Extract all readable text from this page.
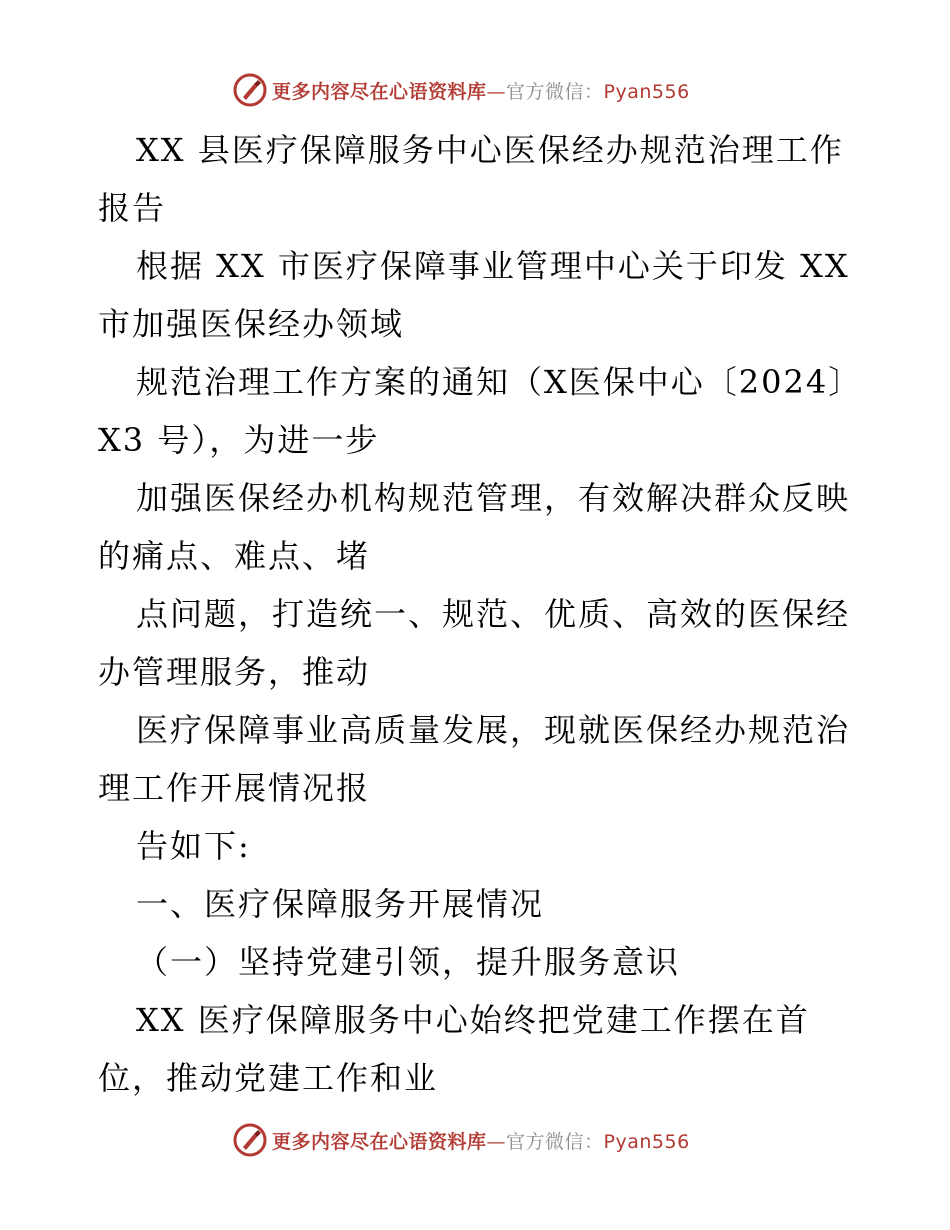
更多内容尽在心语资料库—官方微信：Pyan556
XX 县医疗保障服务中心医保经办规范治理工作
报告
根据 XX 市医疗保障事业管理中心关于印发 XX
市加强医保经办领域
规范治理工作方案的通知（X医保中心〔2024〕
X3 号），为进一步
加强医保经办机构规范管理，有效解决群众反映
的痛点、难点、堵
点问题，打造统一、规范、优质、高效的医保经
办管理服务，推动
医疗保障事业高质量发展，现就医保经办规范治
理工作开展情况报
告如下:
一、医疗保障服务开展情况
（一）坚持党建引领，提升服务意识
XX 医疗保障服务中心始终把党建工作摆在首
位，推动党建工作和业
更多内容尽在心语资料库—官方微信：Pyan556
